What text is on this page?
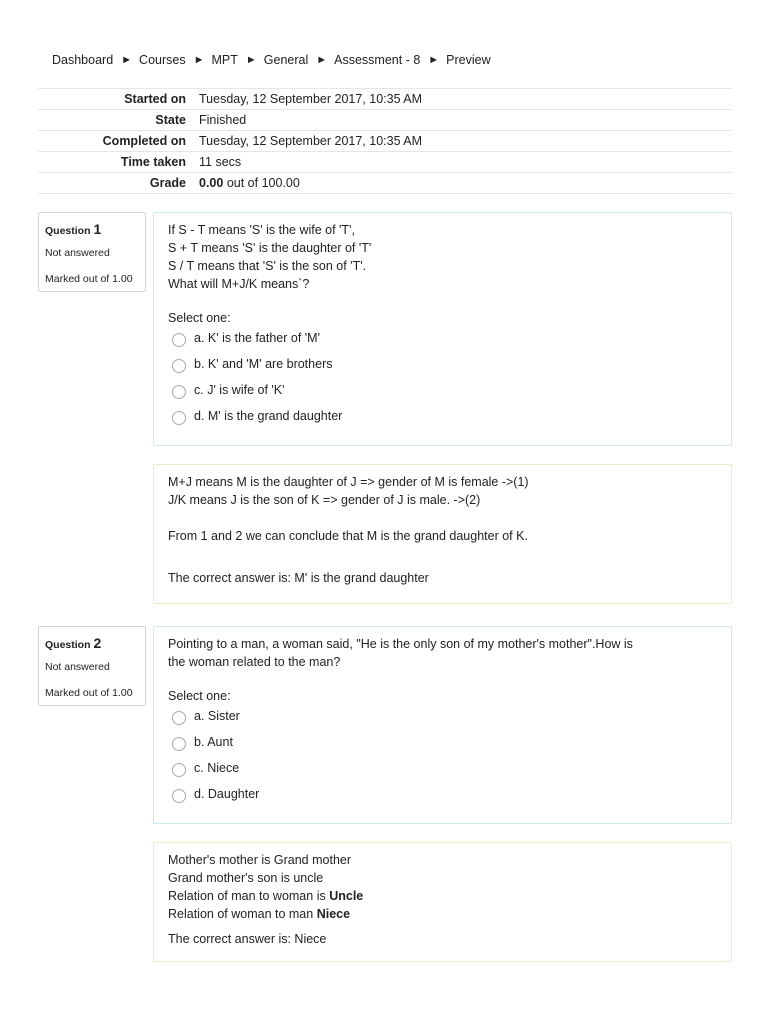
Dashboard ► Courses ► MPT ► General ► Assessment - 8 ► Preview
Started on	Tuesday, 12 September 2017, 10:35 AM
State	Finished
Completed on	Tuesday, 12 September 2017, 10:35 AM
Time taken	11 secs
Grade	0.00 out of 100.00
Question 1
Not answered
Marked out of 1.00
If S - T means 'S' is the wife of 'T',
S + T means 'S' is the daughter of 'T'
S / T means that 'S' is the son of 'T'.
What will M+J/K means`?
Select one:
a. K' is the father of 'M'
b. K' and 'M' are brothers
c. J' is wife of 'K'
d. M' is the grand daughter
M+J means M is the daughter of J => gender of M is female ->(1)
J/K means J is the son of K => gender of J is male. ->(2)
From 1 and 2 we can conclude that M is the grand daughter of K.
The correct answer is: M' is the grand daughter
Question 2
Not answered
Marked out of 1.00
Pointing to a man, a woman said, "He is the only son of my mother's mother".How is
the woman related to the man?
Select one:
a. Sister
b. Aunt
c. Niece
d. Daughter
Mother's mother is Grand mother
Grand mother's son is uncle
Relation of man to woman is Uncle
Relation of woman to man Niece
The correct answer is: Niece
